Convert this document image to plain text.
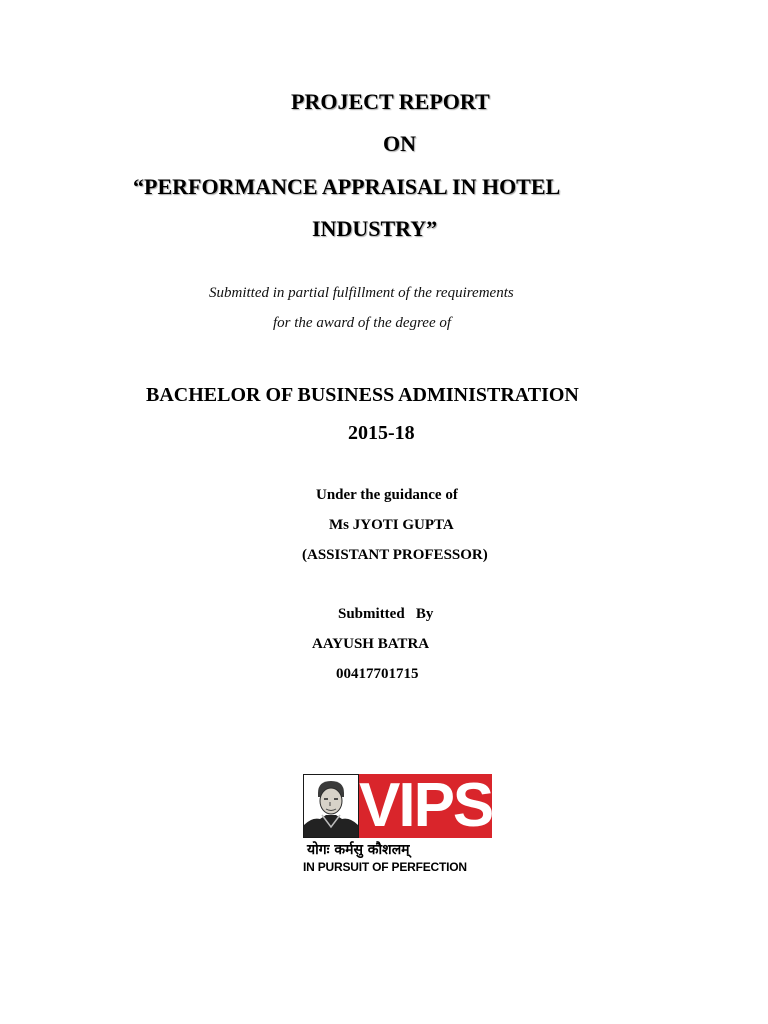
PROJECT REPORT
ON
“PERFORMANCE APPRAISAL IN HOTEL
INDUSTRY”
Submitted in partial fulfillment of the requirements
for the award of the degree of
BACHELOR OF BUSINESS ADMINISTRATION
2015-18
Under the guidance of
Ms JYOTI GUPTA
(ASSISTANT PROFESSOR)
Submitted   By
AAYUSH BATRA
00417701715
VIPS
योगः कर्मसु कौशलम्
IN PURSUIT OF PERFECTION
